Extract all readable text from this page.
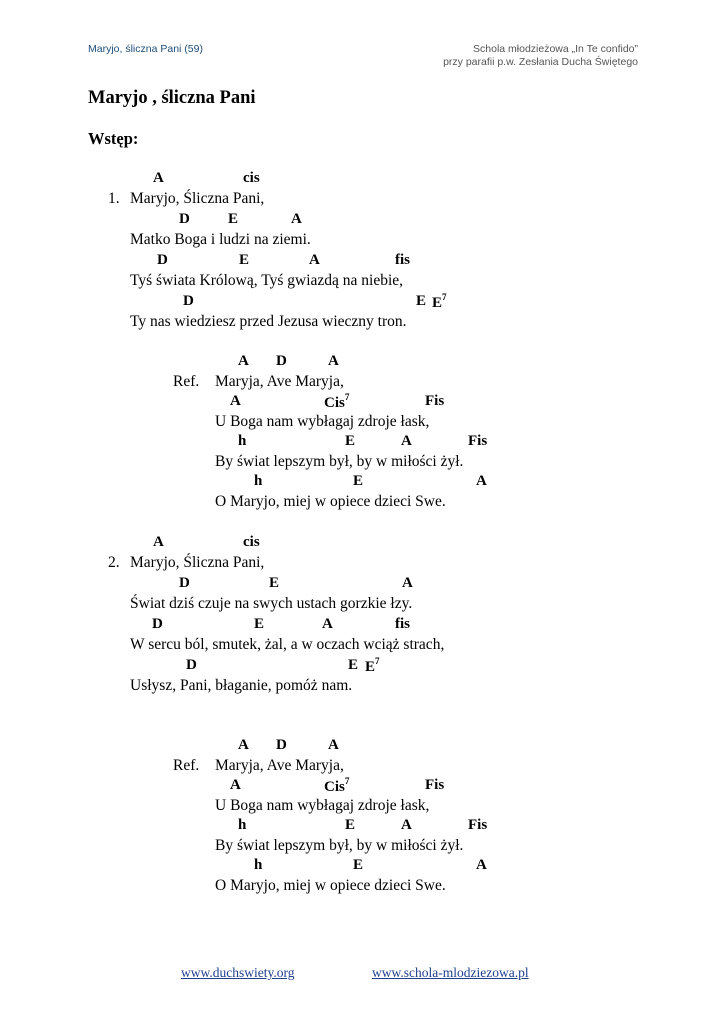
Maryjo, śliczna Pani (59)	Schola młodzieżowa „In Te confido”
przy parafii p.w. Zesłania Ducha Świętego
Maryjo , śliczna Pani
Wstęp:
1.
A	cis
Maryjo, Śliczna Pani,
D	E	A
Matko Boga i ludzi na ziemi.
D	E	A	fis
Tyś świata Królową, Tyś gwiazdą na niebie,
D	E $E^7$
Ty nas wiedziesz przed Jezusa wieczny tron.
2.
A	cis
Maryjo, Śliczna Pani,
D	E	A
Świat dziś czuje na swych ustach gorzkie łzy.
D	E	A	fis
W sercu ból, smutek, żal, a w oczach wciąż strach,
D	E $E^7$
Usłysz, Pani, błaganie, pomóż nam.
Ref.
A D	A
Maryja, Ave Maryja,
A	Cis$^7$	Fis
U Boga nam wybłagaj zdroje łask,
h	E	A	Fis
By świat lepszym był, by w miłości żył.
h	E	A
O Maryjo, miej w opiece dzieci Swe.
Ref.
A D	A
Maryja, Ave Maryja,
A	Cis$^7$	Fis
U Boga nam wybłagaj zdroje łask,
h	E	A	Fis
By świat lepszym był, by w miłości żył.
h	E	A
O Maryjo, miej w opiece dzieci Swe.
www.duchswiety.org	www.schola-mlodziezowa.pl
